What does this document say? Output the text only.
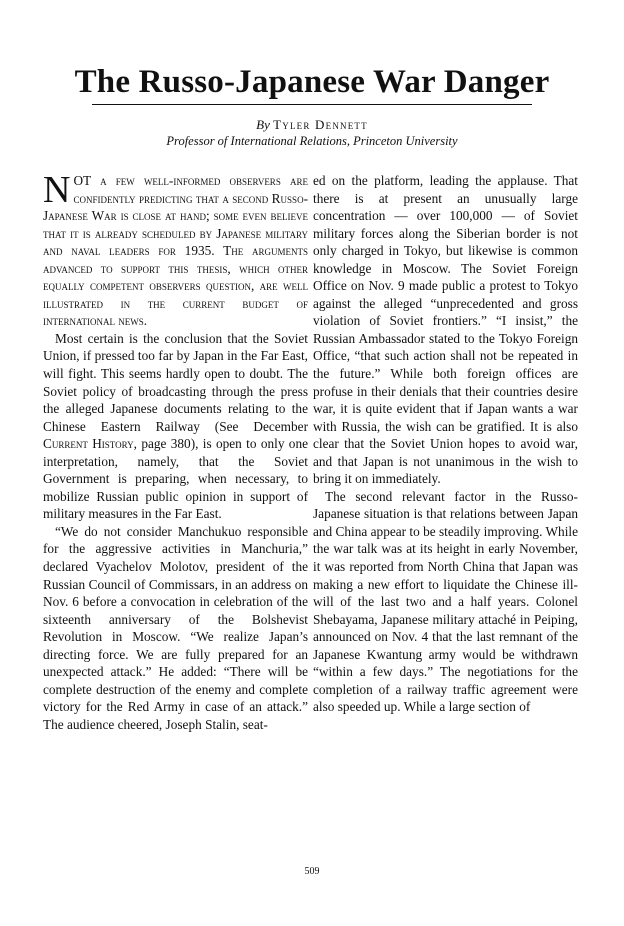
The Russo-Japanese War Danger
By Tyler Dennett
Professor of International Relations, Princeton University

NOT a few well-informed observers are confidently predicting that a second Russo-Japanese War is close at hand; some even believe that it is already scheduled by Japanese military and naval leaders for 1935. The arguments advanced to support this thesis, which other equally competent observers question, are well illustrated in the current budget of international news.

Most certain is the conclusion that the Soviet Union, if pressed too far by Japan in the Far East, will fight. This seems hardly open to doubt. The Soviet policy of broadcasting through the press the alleged Japanese documents relating to the Chinese Eastern Railway (See December Current History, page 380), is open to only one interpretation, namely, that the Soviet Government is preparing, when necessary, to mobilize Russian public opinion in support of military measures in the Far East.

“We do not consider Manchukuo responsible for the aggressive activities in Manchuria,” declared Vyachelov Molotov, president of the Russian Council of Commissars, in an address on Nov. 6 before a convocation in celebration of the sixteenth anniversary of the Bolshevist Revolution in Moscow. “We realize Japan’s directing force. We are fully prepared for an unexpected attack.” He added: “There will be complete destruction of the enemy and complete victory for the Red Army in case of an attack.” The audience cheered, Joseph Stalin, seat-

ed on the platform, leading the applause. That there is at present an unusually large concentration — over 100,000 — of Soviet military forces along the Siberian border is not only charged in Tokyo, but likewise is common knowledge in Moscow. The Soviet Foreign Office on Nov. 9 made public a protest to Tokyo against the alleged “unprecedented and gross violation of Soviet frontiers.” “I insist,” the Russian Ambassador stated to the Tokyo Foreign Office, “that such action shall not be repeated in the future.” While both foreign offices are profuse in their denials that their countries desire war, it is quite evident that if Japan wants a war with Russia, the wish can be gratified. It is also clear that the Soviet Union hopes to avoid war, and that Japan is not unanimous in the wish to bring it on immediately.

The second relevant factor in the Russo-Japanese situation is that relations between Japan and China appear to be steadily improving. While the war talk was at its height in early November, it was reported from North China that Japan was making a new effort to liquidate the Chinese ill-will of the last two and a half years. Colonel Shebayama, Japanese military attaché in Peiping, announced on Nov. 4 that the last remnant of the Japanese Kwantung army would be withdrawn “within a few days.” The negotiations for the completion of a railway traffic agreement were also speeded up. While a large section of

509
